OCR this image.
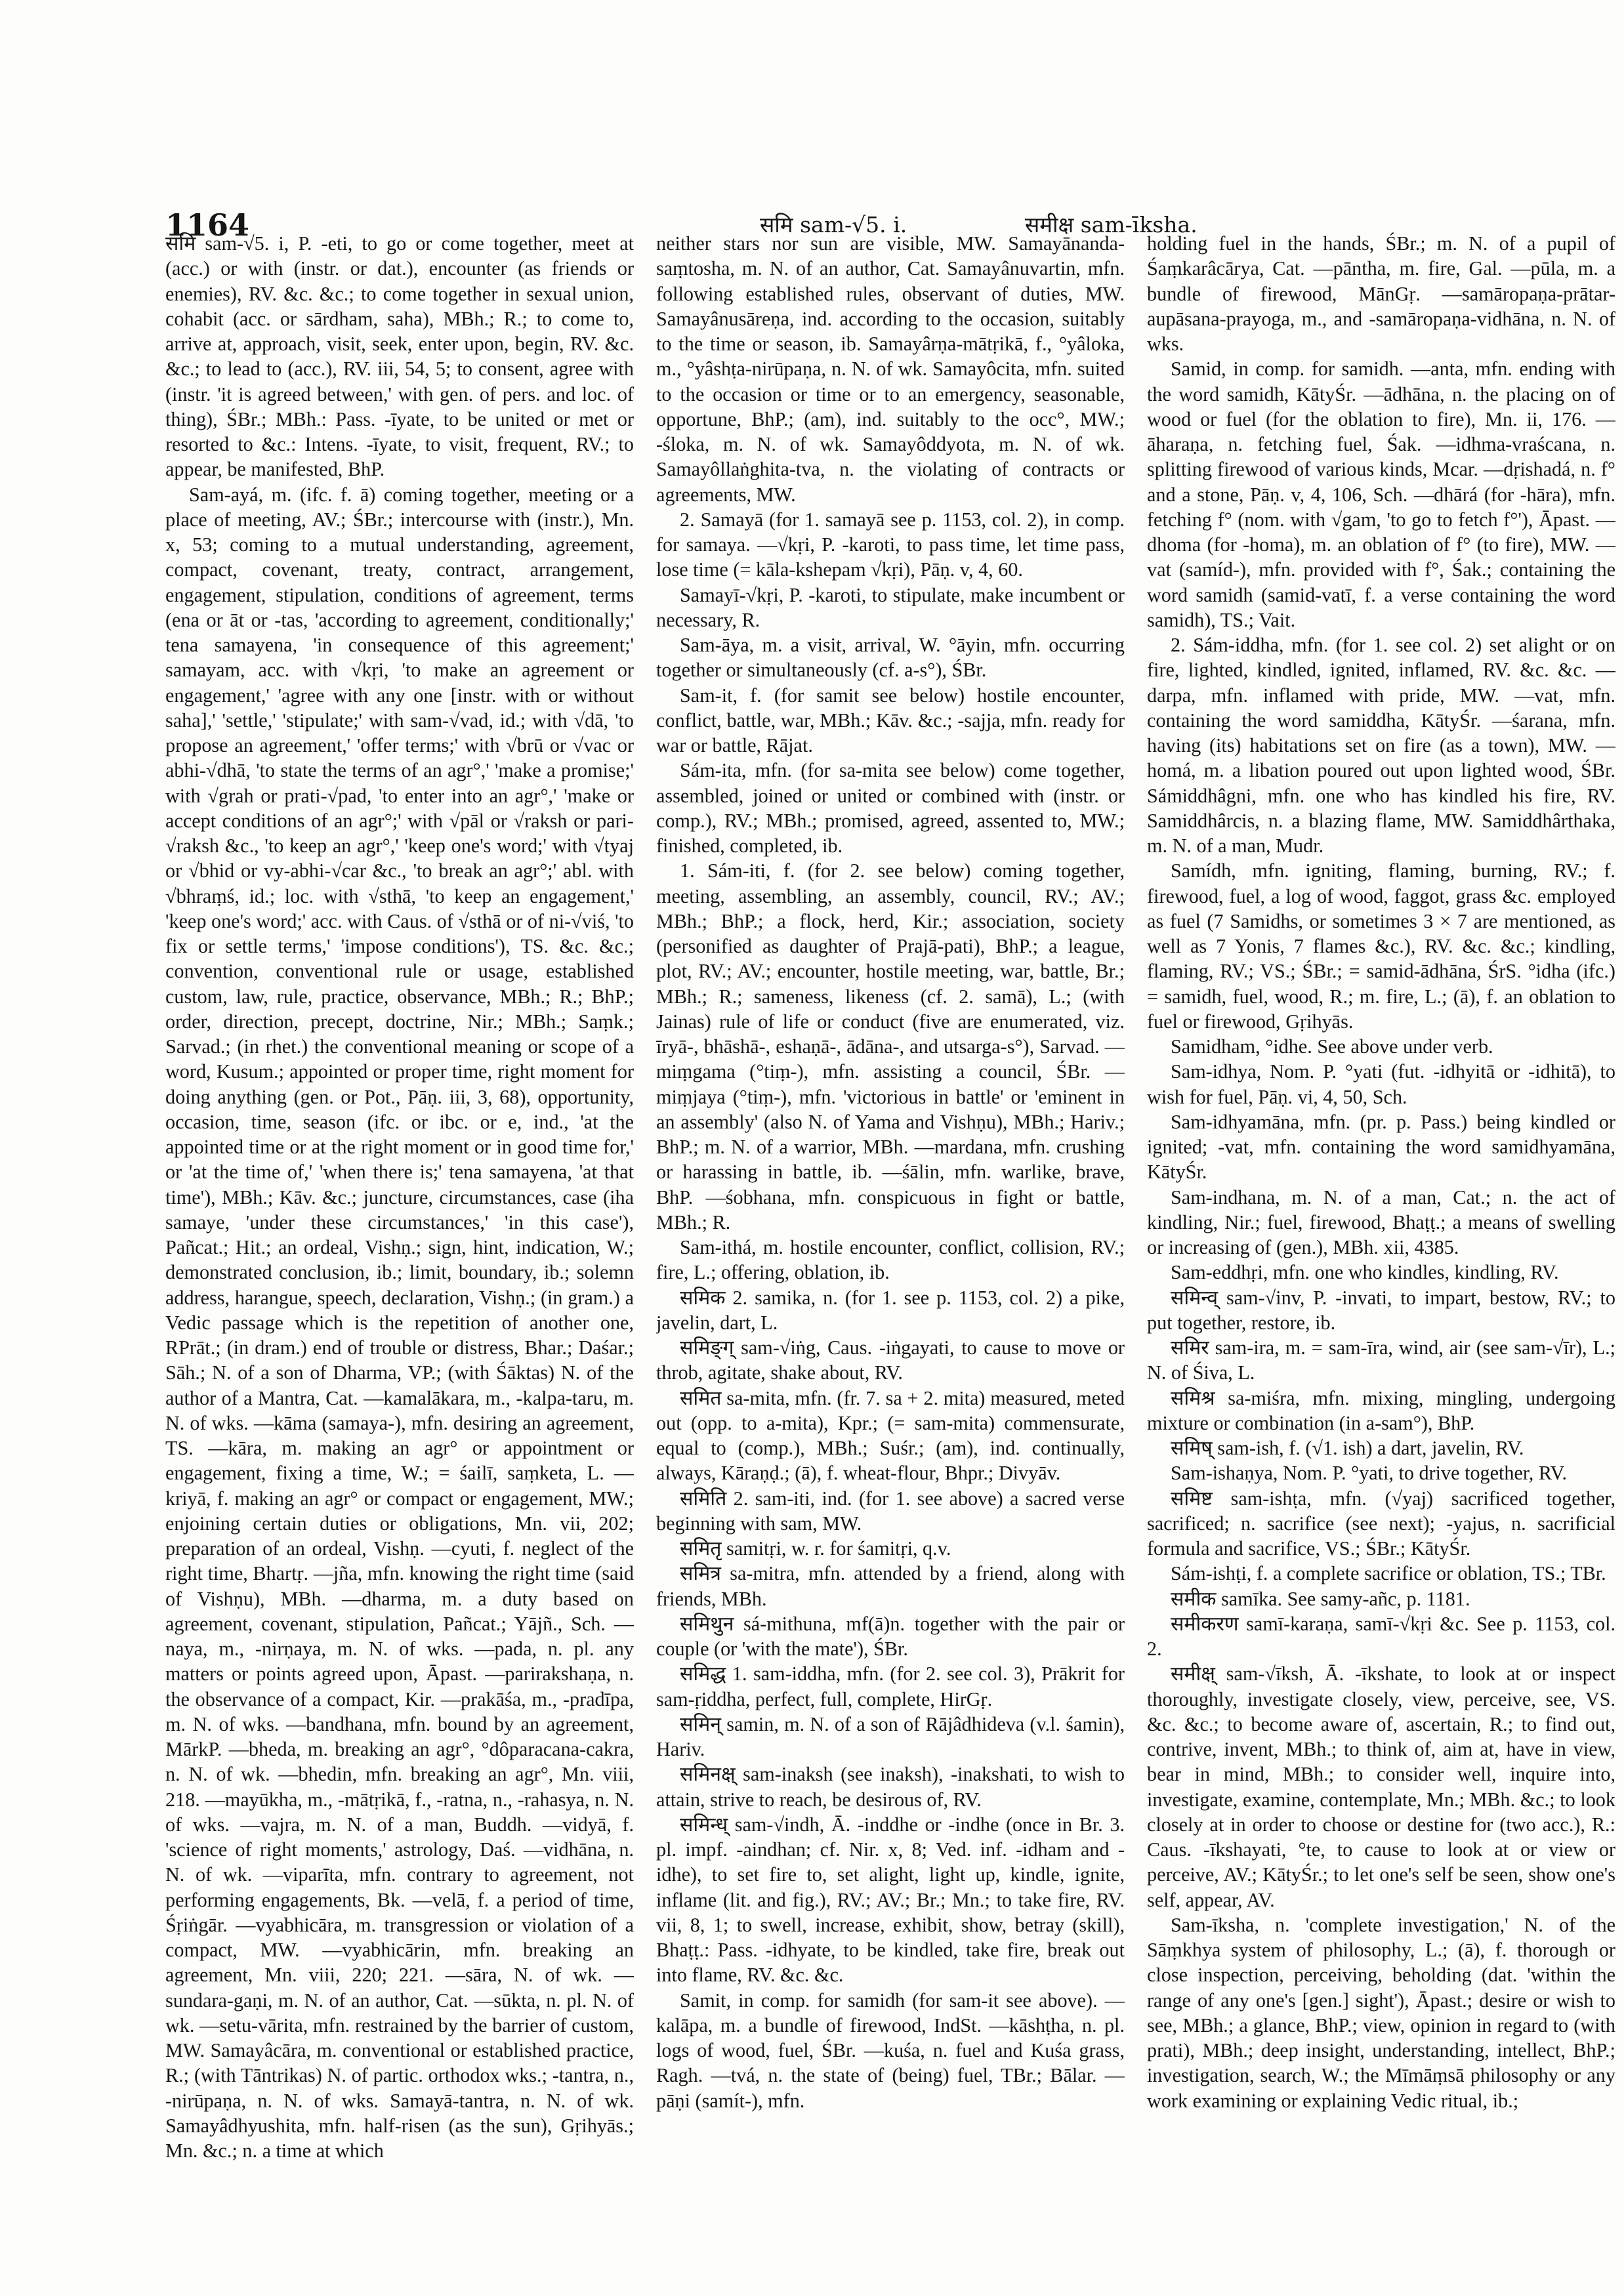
1164	समि sam-√5. i.	समीक्ष sam-īksha.

समि sam-√5. i, P. -eti, to go or come together, meet at (acc.) or with (instr. or dat.), encounter (as friends or enemies), RV. &c. &c.; to come together in sexual union, cohabit (acc. or sārdham, saha), MBh.; R.; to come to, arrive at, approach, visit, seek, enter upon, begin, RV. &c. &c.; to lead to (acc.), RV. iii, 54, 5; to consent, agree with (instr. 'it is agreed between,' with gen. of pers. and loc. of thing), ŚBr.; MBh.: Pass. -īyate, to be united or met or resorted to &c.: Intens. -īyate, to visit, frequent, RV.; to appear, be manifested, BhP.

Sam-ayá, m. (ifc. f. ā) coming together, meeting or a place of meeting, AV.; ŚBr.; intercourse with (instr.), Mn. x, 53; coming to a mutual understanding, agreement, compact, covenant, treaty, contract, arrangement, engagement, stipulation, conditions of agreement, terms (ena or āt or -tas, 'according to agreement, conditionally;' tena samayena, 'in consequence of this agreement;' samayam, acc. with √kṛi, 'to make an agreement or engagement,' 'agree with any one [instr. with or without saha],' 'settle,' 'stipulate;' with sam-√vad, id.; with √dā, 'to propose an agreement,' 'offer terms;' with √brū or √vac or abhi-√dhā, 'to state the terms of an agr°,' 'make a promise;' with √grah or prati-√pad, 'to enter into an agr°,' 'make or accept conditions of an agr°;' with √pāl or √raksh or pari-√raksh &c., 'to keep an agr°,' 'keep one's word;' with √tyaj or √bhid or vy-abhi-√car &c., 'to break an agr°;' abl. with √bhraṃś, id.; loc. with √sthā, 'to keep an engagement,' 'keep one's word;' acc. with Caus. of √sthā or of ni-√viś, 'to fix or settle terms,' 'impose conditions'), TS. &c. &c.; convention, conventional rule or usage, established custom, law, rule, practice, observance, MBh.; R.; BhP.; order, direction, precept, doctrine, Nir.; MBh.; Saṃk.; Sarvad.; (in rhet.) the conventional meaning or scope of a word, Kusum.; appointed or proper time, right moment for doing anything (gen. or Pot., Pāṇ. iii, 3, 68), opportunity, occasion, time, season (ifc. or ibc. or e, ind., 'at the appointed time or at the right moment or in good time for,' or 'at the time of,' 'when there is;' tena samayena, 'at that time'), MBh.; Kāv. &c.; juncture, circumstances, case (iha samaye, 'under these circumstances,' 'in this case'), Pañcat.; Hit.; an ordeal, Vishṇ.; sign, hint, indication, W.; demonstrated conclusion, ib.; limit, boundary, ib.; solemn address, harangue, speech, declaration, Vishṇ.; (in gram.) a Vedic passage which is the repetition of another one, RPrāt.; (in dram.) end of trouble or distress, Bhar.; Daśar.; Sāh.; N. of a son of Dharma, VP.; (with Śāktas) N. of the author of a Mantra, Cat. —kamalākara, m., -kalpa-taru, m. N. of wks. —kāma (samaya-), mfn. desiring an agreement, TS. —kāra, m. making an agr° or appointment or engagement, fixing a time, W.; = śailī, saṃketa, L. —kriyā, f. making an agr° or compact or engagement, MW.; enjoining certain duties or obligations, Mn. vii, 202; preparation of an ordeal, Vishṇ. —cyuti, f. neglect of the right time, Bhartṛ. —jña, mfn. knowing the right time (said of Vishṇu), MBh. —dharma, m. a duty based on agreement, covenant, stipulation, Pañcat.; Yājñ., Sch. —naya, m., -nirṇaya, m. N. of wks. —pada, n. pl. any matters or points agreed upon, Āpast. —parirakshaṇa, n. the observance of a compact, Kir. —prakāśa, m., -pradīpa, m. N. of wks. —bandhana, mfn. bound by an agreement, MārkP. —bheda, m. breaking an agr°, °dôparacana-cakra, n. N. of wk. —bhedin, mfn. breaking an agr°, Mn. viii, 218. —mayūkha, m., -mātṛikā, f., -ratna, n., -rahasya, n. N. of wks. —vajra, m. N. of a man, Buddh. —vidyā, f. 'science of right moments,' astrology, Daś. —vidhāna, n. N. of wk. —viparīta, mfn. contrary to agreement, not performing engagements, Bk. —velā, f. a period of time, Śṛiṅgār. —vyabhicāra, m. transgression or violation of a compact, MW. —vyabhicārin, mfn. breaking an agreement, Mn. viii, 220; 221. —sāra, N. of wk. —sundara-gaṇi, m. N. of an author, Cat. —sūkta, n. pl. N. of wk. —setu-vārita, mfn. restrained by the barrier of custom, MW. Samayâcāra, m. conventional or established practice, R.; (with Tāntrikas) N. of partic. orthodox wks.; -tantra, n., -nirūpaṇa, n. N. of wks. Samayā-tantra, n. N. of wk. Samayâdhyushita, mfn. half-risen (as the sun), Gṛihyās.; Mn. &c.; n. a time at which

neither stars nor sun are visible, MW. Samayānanda-saṃtosha, m. N. of an author, Cat. Samayânuvartin, mfn. following established rules, observant of duties, MW. Samayânusāreṇa, ind. according to the occasion, suitably to the time or season, ib. Samayârṇa-mātṛikā, f., °yâloka, m., °yâshṭa-nirūpaṇa, n. N. of wk. Samayôcita, mfn. suited to the occasion or time or to an emergency, seasonable, opportune, BhP.; (am), ind. suitably to the occ°, MW.; -śloka, m. N. of wk. Samayôddyota, m. N. of wk. Samayôllaṅghita-tva, n. the violating of contracts or agreements, MW.

2. Samayā (for 1. samayā see p. 1153, col. 2), in comp. for samaya. —√kṛi, P. -karoti, to pass time, let time pass, lose time (= kāla-kshepam √kṛi), Pāṇ. v, 4, 60.

Samayī-√kṛi, P. -karoti, to stipulate, make incumbent or necessary, R.

Sam-āya, m. a visit, arrival, W. °āyin, mfn. occurring together or simultaneously (cf. a-s°), ŚBr.

Sam-it, f. (for samit see below) hostile encounter, conflict, battle, war, MBh.; Kāv. &c.; -sajja, mfn. ready for war or battle, Rājat.

Sám-ita, mfn. (for sa-mita see below) come together, assembled, joined or united or combined with (instr. or comp.), RV.; MBh.; promised, agreed, assented to, MW.; finished, completed, ib.

1. Sám-iti, f. (for 2. see below) coming together, meeting, assembling, an assembly, council, RV.; AV.; MBh.; BhP.; a flock, herd, Kir.; association, society (personified as daughter of Prajā-pati), BhP.; a league, plot, RV.; AV.; encounter, hostile meeting, war, battle, Br.; MBh.; R.; sameness, likeness (cf. 2. samā), L.; (with Jainas) rule of life or conduct (five are enumerated, viz. īryā-, bhāshā-, eshaṇā-, ādāna-, and utsarga-s°), Sarvad. —miṃgama (°tiṃ-), mfn. assisting a council, ŚBr. —miṃjaya (°tiṃ-), mfn. 'victorious in battle' or 'eminent in an assembly' (also N. of Yama and Vishṇu), MBh.; Hariv.; BhP.; m. N. of a warrior, MBh. —mardana, mfn. crushing or harassing in battle, ib. —śālin, mfn. warlike, brave, BhP. —śobhana, mfn. conspicuous in fight or battle, MBh.; R.

Sam-ithá, m. hostile encounter, conflict, collision, RV.; fire, L.; offering, oblation, ib.

समिक 2. samika, n. (for 1. see p. 1153, col. 2) a pike, javelin, dart, L.

समिङ्ग् sam-√iṅg, Caus. -iṅgayati, to cause to move or throb, agitate, shake about, RV.

समित sa-mita, mfn. (fr. 7. sa + 2. mita) measured, meted out (opp. to a-mita), Kpr.; (= sam-mita) commensurate, equal to (comp.), MBh.; Suśr.; (am), ind. continually, always, Kāraṇḍ.; (ā), f. wheat-flour, Bhpr.; Divyāv.

समिति 2. sam-iti, ind. (for 1. see above) a sacred verse beginning with sam, MW.

समितृ samitṛi, w. r. for śamitṛi, q.v.

समित्र sa-mitra, mfn. attended by a friend, along with friends, MBh.

समिथुन sá-mithuna, mf(ā)n. together with the pair or couple (or 'with the mate'), ŚBr.

समिद्ध 1. sam-iddha, mfn. (for 2. see col. 3), Prākrit for sam-ṛiddha, perfect, full, complete, HirGṛ.

समिन् samin, m. N. of a son of Rājâdhideva (v.l. śamin), Hariv.

समिनक्ष् sam-inaksh (see inaksh), -inakshati, to wish to attain, strive to reach, be desirous of, RV.

समिन्ध् sam-√indh, Ā. -inddhe or -indhe (once in Br. 3. pl. impf. -aindhan; cf. Nir. x, 8; Ved. inf. -idham and -idhe), to set fire to, set alight, light up, kindle, ignite, inflame (lit. and fig.), RV.; AV.; Br.; Mn.; to take fire, RV. vii, 8, 1; to swell, increase, exhibit, show, betray (skill), Bhaṭṭ.: Pass. -idhyate, to be kindled, take fire, break out into flame, RV. &c. &c.

Samit, in comp. for samidh (for sam-it see above). —kalāpa, m. a bundle of firewood, IndSt. —kāshṭha, n. pl. logs of wood, fuel, ŚBr. —kuśa, n. fuel and Kuśa grass, Ragh. —tvá, n. the state of (being) fuel, TBr.; Bālar. —pāṇi (samít-), mfn.

holding fuel in the hands, ŚBr.; m. N. of a pupil of Śaṃkarâcārya, Cat. —pāntha, m. fire, Gal. —pūla, m. a bundle of firewood, MānGṛ. —samāropaṇa-prātar-aupāsana-prayoga, m., and -samāropaṇa-vidhāna, n. N. of wks.

Samid, in comp. for samidh. —anta, mfn. ending with the word samidh, KātyŚr. —ādhāna, n. the placing on of wood or fuel (for the oblation to fire), Mn. ii, 176. —āharaṇa, n. fetching fuel, Śak. —idhma-vraścana, n. splitting firewood of various kinds, Mcar. —dṛishadá, n. f° and a stone, Pāṇ. v, 4, 106, Sch. —dhārá (for -hāra), mfn. fetching f° (nom. with √gam, 'to go to fetch f°'), Āpast. —dhoma (for -homa), m. an oblation of f° (to fire), MW. —vat (samíd-), mfn. provided with f°, Śak.; containing the word samidh (samid-vatī, f. a verse containing the word samidh), TS.; Vait.

2. Sám-iddha, mfn. (for 1. see col. 2) set alight or on fire, lighted, kindled, ignited, inflamed, RV. &c. &c. —darpa, mfn. inflamed with pride, MW. —vat, mfn. containing the word samiddha, KātyŚr. —śarana, mfn. having (its) habitations set on fire (as a town), MW. —homá, m. a libation poured out upon lighted wood, ŚBr. Sámiddhâgni, mfn. one who has kindled his fire, RV. Samiddhârcis, n. a blazing flame, MW. Samiddhârthaka, m. N. of a man, Mudr.

Samídh, mfn. igniting, flaming, burning, RV.; f. firewood, fuel, a log of wood, faggot, grass &c. employed as fuel (7 Samidhs, or sometimes 3 × 7 are mentioned, as well as 7 Yonis, 7 flames &c.), RV. &c. &c.; kindling, flaming, RV.; VS.; ŚBr.; = samid-ādhāna, ŚrS. °idha (ifc.) = samidh, fuel, wood, R.; m. fire, L.; (ā), f. an oblation to fuel or firewood, Gṛihyās.

Samidham, °idhe. See above under verb.

Sam-idhya, Nom. P. °yati (fut. -idhyitā or -idhitā), to wish for fuel, Pāṇ. vi, 4, 50, Sch.

Sam-idhyamāna, mfn. (pr. p. Pass.) being kindled or ignited; -vat, mfn. containing the word samidhyamāna, KātyŚr.

Sam-indhana, m. N. of a man, Cat.; n. the act of kindling, Nir.; fuel, firewood, Bhaṭṭ.; a means of swelling or increasing of (gen.), MBh. xii, 4385.

Sam-eddhṛi, mfn. one who kindles, kindling, RV.

समिन्व् sam-√inv, P. -invati, to impart, bestow, RV.; to put together, restore, ib.

समिर sam-ira, m. = sam-īra, wind, air (see sam-√īr), L.; N. of Śiva, L.

समिश्र sa-miśra, mfn. mixing, mingling, undergoing mixture or combination (in a-sam°), BhP.

समिष् sam-ish, f. (√1. ish) a dart, javelin, RV.

Sam-ishaṇya, Nom. P. °yati, to drive together, RV.

समिष्ट sam-ishṭa, mfn. (√yaj) sacrificed together, sacrificed; n. sacrifice (see next); -yajus, n. sacrificial formula and sacrifice, VS.; ŚBr.; KātyŚr.

Sám-ishṭi, f. a complete sacrifice or oblation, TS.; TBr.

समीक samīka. See samy-añc, p. 1181.

समीकरण samī-karaṇa, samī-√kṛi &c. See p. 1153, col. 2.

समीक्ष् sam-√īksh, Ā. -īkshate, to look at or inspect thoroughly, investigate closely, view, perceive, see, VS. &c. &c.; to become aware of, ascertain, R.; to find out, contrive, invent, MBh.; to think of, aim at, have in view, bear in mind, MBh.; to consider well, inquire into, investigate, examine, contemplate, Mn.; MBh. &c.; to look closely at in order to choose or destine for (two acc.), R.: Caus. -īkshayati, °te, to cause to look at or view or perceive, AV.; KātyŚr.; to let one's self be seen, show one's self, appear, AV.

Sam-īksha, n. 'complete investigation,' N. of the Sāṃkhya system of philosophy, L.; (ā), f. thorough or close inspection, perceiving, beholding (dat. 'within the range of any one's [gen.] sight'), Āpast.; desire or wish to see, MBh.; a glance, BhP.; view, opinion in regard to (with prati), MBh.; deep insight, understanding, intellect, BhP.; investigation, search, W.; the Mīmāṃsā philosophy or any work examining or explaining Vedic ritual, ib.;
